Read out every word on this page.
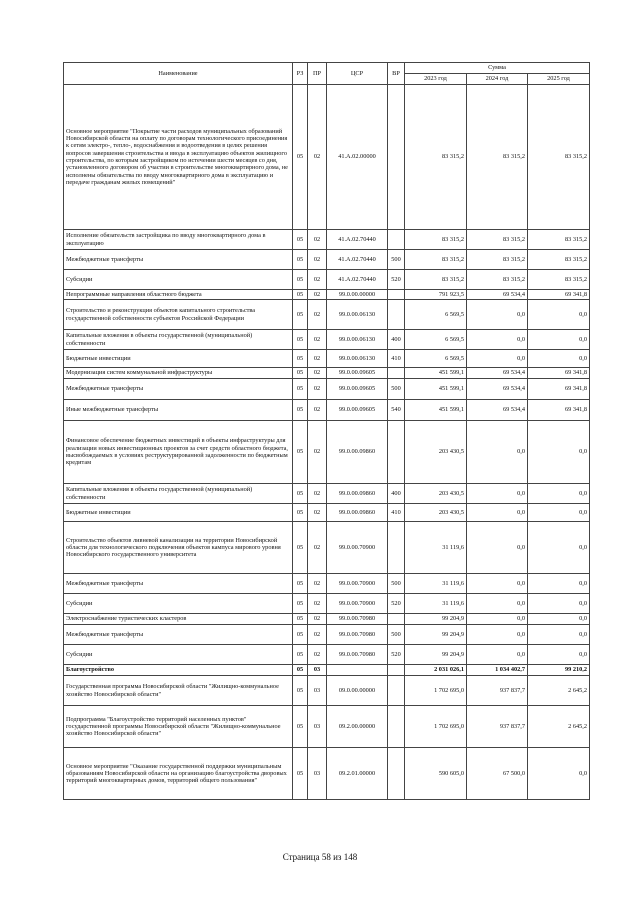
Наименование	РЗ	ПР	ЦСР	ВР	Сумма		
					2023 год	2024 год	2025 год
Основное мероприятие "Покрытие части расходов муниципальных образований Новосибирской области на оплату по договорам технологического присоединения к сетям электро-, тепло-, водоснабжения и водоотведения в целях решения вопросов завершения строительства и ввода в эксплуатацию объектов жилищного строительства, по которым застройщиком по истечении шести месяцев со дня, установленного договором об участии в строительстве многоквартирного дома, не исполнены обязательства по вводу многоквартирного дома в эксплуатацию и передаче гражданам жилых помещений"	05	02	41.А.02.00000		83 315,2	83 315,2	83 315,2
Исполнение обязательств застройщика по вводу многоквартирного дома в эксплуатацию	05	02	41.А.02.70440		83 315,2	83 315,2	83 315,2
Межбюджетные трансферты	05	02	41.А.02.70440	500	83 315,2	83 315,2	83 315,2
Субсидии	05	02	41.А.02.70440	520	83 315,2	83 315,2	83 315,2
Непрограммные направления областного бюджета	05	02	99.0.00.00000		791 923,5	69 534,4	69 341,8
Строительство и реконструкция объектов капитального строительства государственной собственности субъектов Российской Федерации	05	02	99.0.00.06130		6 569,5	0,0	0,0
Капитальные вложения в объекты государственной (муниципальной) собственности	05	02	99.0.00.06130	400	6 569,5	0,0	0,0
Бюджетные инвестиции	05	02	99.0.00.06130	410	6 569,5	0,0	0,0
Модернизация систем коммунальной инфраструктуры	05	02	99.0.00.09605		451 599,1	69 534,4	69 341,8
Межбюджетные трансферты	05	02	99.0.00.09605	500	451 599,1	69 534,4	69 341,8
Иные межбюджетные трансферты	05	02	99.0.00.09605	540	451 599,1	69 534,4	69 341,8
Финансовое обеспечение бюджетных инвестиций в объекты инфраструктуры для реализации новых инвестиционных проектов за счет средств областного бюджета, высвобождаемых в условиях реструктурированной задолженности по бюджетным кредитам	05	02	99.0.00.09860		203 430,5	0,0	0,0
Капитальные вложения в объекты государственной (муниципальной) собственности	05	02	99.0.00.09860	400	203 430,5	0,0	0,0
Бюджетные инвестиции	05	02	99.0.00.09860	410	203 430,5	0,0	0,0
Строительство объектов ливневой канализации на территории Новосибирской области для технологического подключения объектов кампуса мирового уровня Новосибирского государственного университета	05	02	99.0.00.70900		31 119,6	0,0	0,0
Межбюджетные трансферты	05	02	99.0.00.70900	500	31 119,6	0,0	0,0
Субсидии	05	02	99.0.00.70900	520	31 119,6	0,0	0,0
Электроснабжение туристических кластеров	05	02	99.0.00.70980		99 204,9	0,0	0,0
Межбюджетные трансферты	05	02	99.0.00.70980	500	99 204,9	0,0	0,0
Субсидии	05	02	99.0.00.70980	520	99 204,9	0,0	0,0
Благоустройство	05	03			2 031 026,1	1 034 402,7	99 210,2
Государственная программа Новосибирской области "Жилищно-коммунальное хозяйство Новосибирской области"	05	03	09.0.00.00000		1 702 695,0	937 837,7	2 645,2
Подпрограмма "Благоустройство территорий населенных пунктов" государственной программы Новосибирской области "Жилищно-коммунальное хозяйство Новосибирской области"	05	03	09.2.00.00000		1 702 695,0	937 837,7	2 645,2
Основное мероприятие "Оказание государственной поддержки муниципальным образованиям Новосибирской области на организацию благоустройства дворовых территорий многоквартирных домов, территорий общего пользования"	05	03	09.2.01.00000		590 605,0	67 500,0	0,0
Страница 58 из 148
